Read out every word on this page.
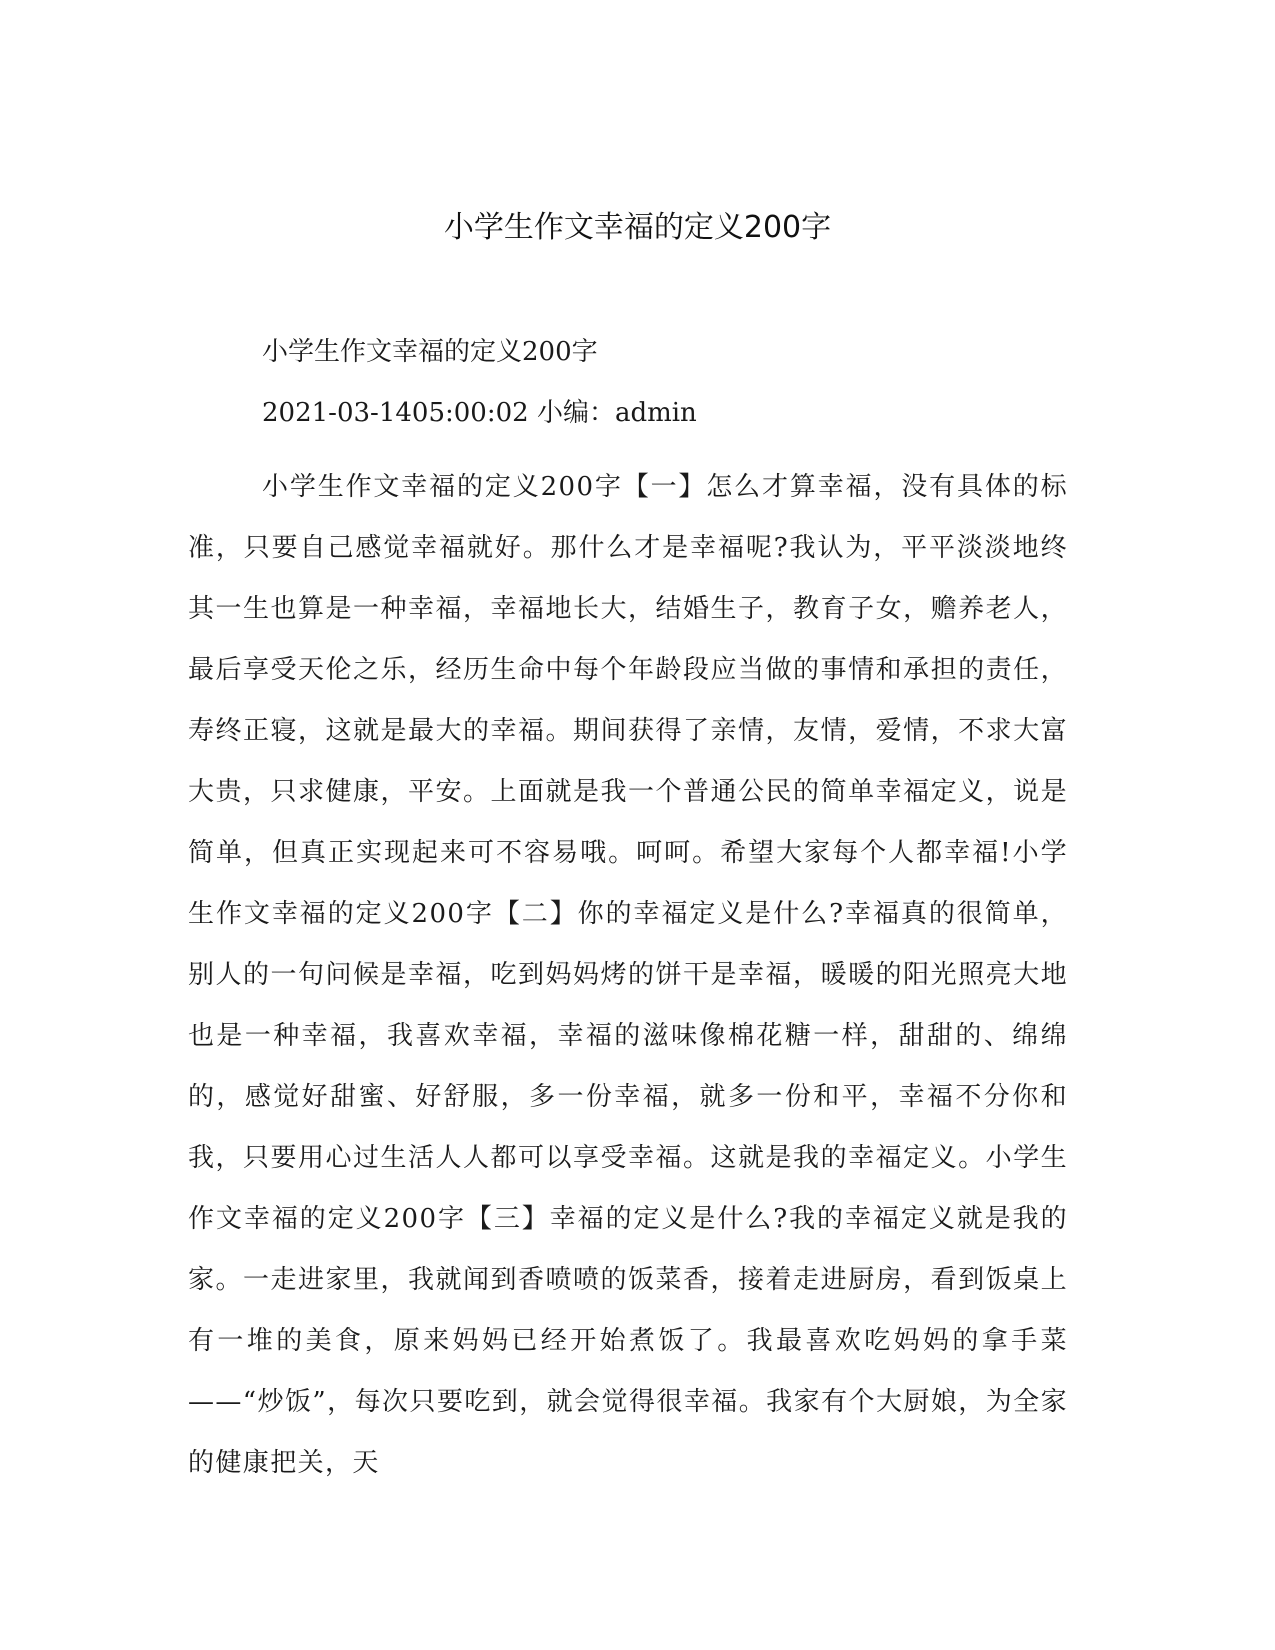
小学生作文幸福的定义200字
小学生作文幸福的定义200字
2021-03-1405:00:02 小编：admin

小学生作文幸福的定义200字【一】怎么才算幸福，没有具体的标准，只要自己感觉幸福就好。那什么才是幸福呢?我认为，平平淡淡地终其一生也算是一种幸福，幸福地长大，结婚生子，教育子女，赡养老人，最后享受天伦之乐，经历生命中每个年龄段应当做的事情和承担的责任，寿终正寝，这就是最大的幸福。期间获得了亲情，友情，爱情，不求大富大贵，只求健康，平安。上面就是我一个普通公民的简单幸福定义，说是简单，但真正实现起来可不容易哦。呵呵。希望大家每个人都幸福!小学生作文幸福的定义200字【二】你的幸福定义是什么?幸福真的很简单，别人的一句问候是幸福，吃到妈妈烤的饼干是幸福，暖暖的阳光照亮大地也是一种幸福，我喜欢幸福，幸福的滋味像棉花糖一样，甜甜的、绵绵的，感觉好甜蜜、好舒服，多一份幸福，就多一份和平，幸福不分你和我，只要用心过生活人人都可以享受幸福。这就是我的幸福定义。小学生作文幸福的定义200字【三】幸福的定义是什么?我的幸福定义就是我的家。一走进家里，我就闻到香喷喷的饭菜香，接着走进厨房，看到饭桌上有一堆的美食，原来妈妈已经开始煮饭了。我最喜欢吃妈妈的拿手菜——“炒饭”，每次只要吃到，就会觉得很幸福。我家有个大厨娘，为全家的健康把关，天
